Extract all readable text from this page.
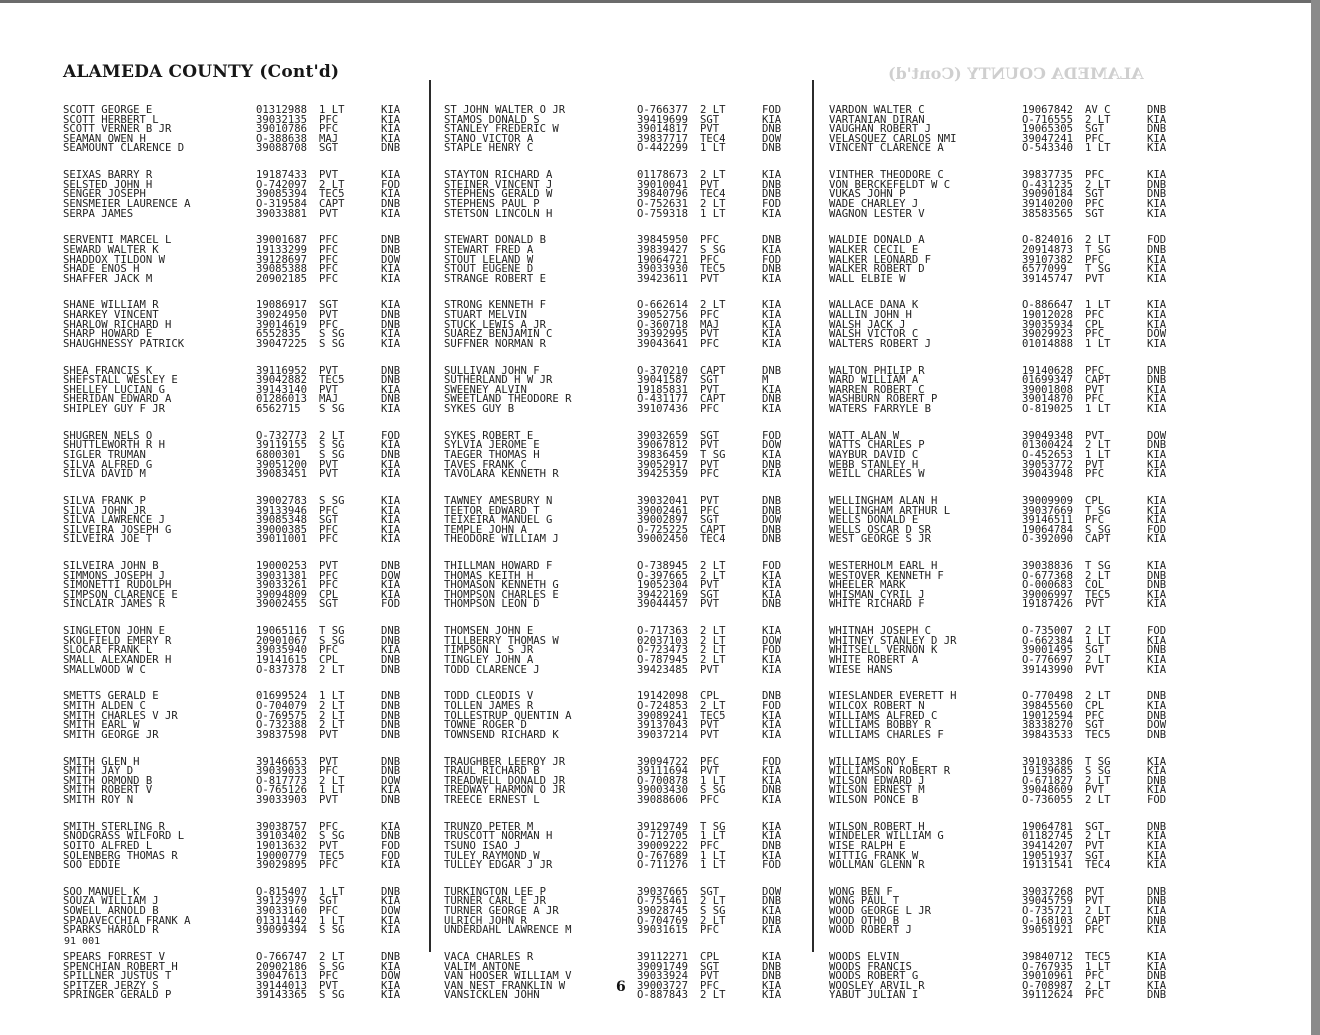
ALAMEDA COUNTY (Cont'd)	ALAMEDA COUNTY (Cont'd)
SCOTT GEORGE E	01312988 1 LT	KIA
SCOTT HERBERT L	39032135 PFC	KIA
SCOTT VERNER B JR	39010786 PFC	KIA
SEAMAN OWEN H	O-388638 MAJ	KIA
SEAMOUNT CLARENCE D	39088708 SGT	DNB
SEIXAS BARRY R	19187433 PVT	KIA
SELSTED JOHN H	O-742097 2 LT	FOD
SENGER JOSEPH	39085394 TEC5	KIA
SENSMEIER LAURENCE A	O-319584 CAPT	DNB
SERPA JAMES	39033881 PVT	KIA
SERVENTI MARCEL L	39001687 PFC	DNB
SEWARD WALTER K	19133299 PFC	DNB
SHADDOX TILDON W	39128697 PFC	DOW
SHADE ENOS H	39085388 PFC	KIA
SHAFFER JACK M	20902185 PFC	KIA
SHANE WILLIAM R	19086917 SGT	KIA
SHARKEY VINCENT	39024950 PVT	DNB
SHARLOW RICHARD H	39014619 PFC	DNB
SHARP HOWARD E	6552835 S SG	KIA
SHAUGHNESSY PATRICK	39047225 S SG	KIA
SHEA FRANCIS K	39116952 PVT	DNB
SHEFSTALL WESLEY E	39042882 TEC5	DNB
SHELLEY LUCIAN G	39143140 PVT	KIA
SHERIDAN EDWARD A	01286013 MAJ	DNB
SHIPLEY GUY F JR	6562715 S SG	KIA
SHUGREN NELS O	O-732773 2 LT	FOD
SHUTTLEWORTH R H	39119155 S SG	KIA
SIGLER TRUMAN	6800301 S SG	DNB
SILVA ALFRED G	39051200 PVT	KIA
SILVA DAVID M	39083451 PVT	KIA
SILVA FRANK P	39002783 S SG	KIA
SILVA JOHN JR	39133946 PFC	KIA
SILVA LAWRENCE J	39085348 SGT	KIA
SILVEIRA JOSEPH G	39000385 PFC	KIA
SILVEIRA JOE T	39011001 PFC	KIA
SILVEIRA JOHN B	19000253 PVT	DNB
SIMMONS JOSEPH J	39031381 PFC	DOW
SIMONETTI RUDOLPH	39033261 PFC	KIA
SIMPSON CLARENCE E	39094809 CPL	KIA
SINCLAIR JAMES R	39002455 SGT	FOD
SINGLETON JOHN E	19065116 T SG	DNB
SKOLFIELD EMERY R	20901067 S SG	DNB
SLOCAR FRANK L	39035940 PFC	KIA
SMALL ALEXANDER H	19141615 CPL	DNB
SMALLWOOD W C	O-837378 2 LT	DNB
SMETTS GERALD E	01699524 1 LT	DNB
SMITH ALDEN C	O-704079 2 LT	DNB
SMITH CHARLES V JR	O-769575 2 LT	DNB
SMITH EARL W	O-732388 2 LT	DNB
SMITH GEORGE JR	39837598 PVT	DNB
SMITH GLEN H	39146653 PVT	DNB
SMITH JAY D	39039033 PFC	DNB
SMITH ORMOND B	O-817773 2 LT	DOW
SMITH ROBERT V	O-765126 1 LT	KIA
SMITH ROY N	39033903 PVT	DNB
SMITH STERLING R	39038757 PFC	KIA
SNODGRASS WILFORD L	39103402 S SG	DNB
SOITO ALFRED L	19013632 PVT	FOD
SOLENBERG THOMAS R	19000779 TEC5	FOD
SOO EDDIE	39029895 PFC	KIA
SOO MANUEL K	O-815407 1 LT	DNB
SOUZA WILLIAM J	39123979 SGT	KIA
SOWELL ARNOLD B	39033160 PFC	DOW
SPADAVECCHIA FRANK A	01311442 1 LT	KIA
SPARKS HAROLD R	39099394 S SG	KIA
SPEARS FORREST V	O-766747 2 LT	DNB
SPENCHIAN ROBERT H	20902186 S SG	KIA
SPILLNER JUSTUS T	39047613 PFC	DOW
SPITZER JERZY S	39144013 PVT	KIA
SPRINGER GERALD P	39143365 S SG	KIA
ST JOHN WALTER O JR	O-766377 2 LT	FOD
STAMOS DONALD S	39419699 SGT	KIA
STANLEY FREDERIC W	39014817 PVT	DNB
STANO VICTOR A	39837717 TEC4	DOW
STAPLE HENRY C	O-442299 1 LT	DNB
STAYTON RICHARD A	01178673 2 LT	KIA
STEINER VINCENT J	39010041 PVT	DNB
STEPHENS GERALD W	39840796 TEC4	DNB
STEPHENS PAUL P	O-752631 2 LT	FOD
STETSON LINCOLN H	O-759318 1 LT	KIA
STEWART DONALD B	39845950 PFC	DNB
STEWART FRED A	39839427 S SG	KIA
STOUT LELAND W	19064721 PFC	FOD
STOUT EUGENE D	39033930 TEC5	DNB
STRANGE ROBERT E	39423611 PVT	KIA
STRONG KENNETH F	O-662614 2 LT	KIA
STUART MELVIN	39052756 PFC	KIA
STUCK LEWIS A JR	O-360718 MAJ	KIA
SUAREZ BENJAMIN C	39392995 PVT	KIA
SUFFNER NORMAN R	39043641 PFC	KIA
SULLIVAN JOHN F	O-370210 CAPT	DNB
SUTHERLAND H W JR	39041587 SGT	M
SWEENEY ALVIN	19185831 PVT	KIA
SWEETLAND THEODORE R	O-431177 CAPT	DNB
SYKES GUY B	39107436 PFC	KIA
SYKES ROBERT E	39032659 SGT	FOD
SYLVIA JEROME E	39067812 PVT	DOW
TAEGER THOMAS H	39836459 T SG	KIA
TAVES FRANK C	39052917 PVT	DNB
TAVOLARA KENNETH R	39425359 PFC	KIA
TAWNEY AMESBURY N	39032041 PVT	DNB
TEETOR EDWARD T	39002461 PFC	DNB
TEIXEIRA MANUEL G	39002897 SGT	DOW
TEMPLE JOHN A	O-725225 CAPT	DNB
THEODORE WILLIAM J	39002450 TEC4	DNB
THILLMAN HOWARD F	O-738945 2 LT	FOD
THOMAS KEITH H	O-397665 2 LT	KIA
THOMASON KENNETH G	19052304 PVT	KIA
THOMPSON CHARLES E	39422169 SGT	KIA
THOMPSON LEON D	39044457 PVT	DNB
THOMSEN JOHN E	O-717363 2 LT	KIA
TILLBERRY THOMAS W	02037103 2 LT	DOW
TIMPSON L S JR	O-723473 2 LT	FOD
TINGLEY JOHN A	O-787945 2 LT	KIA
TODD CLARENCE J	39423485 PVT	KIA
TODD CLEODIS V	19142098 CPL	DNB
TOLLEN JAMES R	O-724853 2 LT	FOD
TOLLESTRUP QUENTIN A	39089241 TEC5	KIA
TOWNE ROGER D	39137043 PVT	KIA
TOWNSEND RICHARD K	39037214 PVT	KIA
TRAUGHBER LEEROY JR	39094722 PFC	FOD
TRAUL RICHARD B	39111694 PVT	KIA
TREADWELL DONALD JR	O-700878 1 LT	KIA
TREDWAY HARMON O JR	39003430 S SG	DNB
TREECE ERNEST L	39088606 PFC	KIA
TRUNZO PETER M	39129749 T SG	KIA
TRUSCOTT NORMAN H	O-712705 1 LT	KIA
TSUNO ISAO J	39009222 PFC	DNB
TULEY RAYMOND W	O-767689 1 LT	KIA
TULLEY EDGAR J JR	O-711276 1 LT	FOD
TURKINGTON LEE P	39037665 SGT	DOW
TURNER CARL E JR	O-755461 2 LT	DNB
TURNER GEORGE A JR	39028745 S SG	KIA
ULRICH JOHN R	O-704769 2 LT	DNB
UNDERDAHL LAWRENCE M	39031615 PFC	KIA
VACA CHARLES R	39112271 CPL	KIA
VALIM ANTONE	39091749 SGT	DNB
VAN HOOSER WILLIAM V	39033924 PVT	DNB
VAN NEST FRANKLIN W	39003727 PFC	KIA
VANSICKLEN JOHN	O-887843 2 LT	KIA
VARDON WALTER C	19067842 AV C	DNB
VARTANIAN DIRAN	O-716555 2 LT	KIA
VAUGHAN ROBERT J	19065305 SGT	DNB
VELASQUEZ CARLOS NMI	39047241 PFC	KIA
VINCENT CLARENCE A	O-543340 1 LT	KIA
VINTHER THEODORE C	39837735 PFC	KIA
VON BERCKEFELDT W C	O-431235 2 LT	DNB
VUKAS JOHN P	39090184 SGT	DNB
WADE CHARLEY J	39140200 PFC	KIA
WAGNON LESTER V	38583565 SGT	KIA
WALDIE DONALD A	O-824016 2 LT	FOD
WALKER CECIL E	20914873 T SG	DNB
WALKER LEONARD F	39107382 PFC	KIA
WALKER ROBERT D	6577099 T SG	KIA
WALL ELBIE W	39145747 PVT	KIA
WALLACE DANA K	O-886647 1 LT	KIA
WALLIN JOHN H	19012028 PFC	KIA
WALSH JACK J	39035934 CPL	KIA
WALSH VICTOR C	39029923 PFC	DOW
WALTERS ROBERT J	01014888 1 LT	KIA
WALTON PHILIP R	19140628 PFC	DNB
WARD WILLIAM A	01699347 CAPT	DNB
WARREN ROBERT C	39001808 PVT	KIA
WASHBURN ROBERT P	39014870 PFC	KIA
WATERS FARRYLE B	O-819025 1 LT	KIA
WATT ALAN W	39049348 PVT	DOW
WATTS CHARLES P	01300424 2 LT	DNB
WAYBUR DAVID C	O-452653 1 LT	KIA
WEBB STANLEY H	39053772 PVT	KIA
WEILL CHARLES W	39043948 PFC	KIA
WELLINGHAM ALAN H	39009909 CPL	KIA
WELLINGHAM ARTHUR L	39037669 T SG	KIA
WELLS DONALD E	39146511 PFC	KIA
WELLS OSCAR D SR	19064784 S SG	FOD
WEST GEORGE S JR	O-392090 CAPT	KIA
WESTERHOLM EARL H	39038836 T SG	KIA
WESTOVER KENNETH F	O-677368 2 LT	DNB
WHEELER MARK	O-000683 COL	DNB
WHISMAN CYRIL J	39006997 TEC5	KIA
WHITE RICHARD F	19187426 PVT	KIA
WHITNAH JOSEPH C	O-735007 2 LT	FOD
WHITNEY STANLEY D JR	O-662384 1 LT	KIA
WHITSELL VERNON K	39001495 SGT	DNB
WHITE ROBERT A	O-776697 2 LT	KIA
WIESE HANS	39143990 PVT	KIA
WIESLANDER EVERETT H	O-770498 2 LT	DNB
WILCOX ROBERT N	39845560 CPL	KIA
WILLIAMS ALFRED C	19012594 PFC	DNB
WILLIAMS BOBBY R	38338270 SGT	DOW
WILLIAMS CHARLES F	39843533 TEC5	DNB
WILLIAMS ROY E	39103386 T SG	KIA
WILLIAMSON ROBERT R	19139685 S SG	KIA
WILSON EDWARD J	O-671827 2 LT	DNB
WILSON ERNEST M	39048609 PVT	KIA
WILSON PONCE B	O-736055 2 LT	FOD
WILSON ROBERT H	19064781 SGT	DNB
WINDELER WILLIAM G	01182745 2 LT	KIA
WISE RALPH E	39414207 PVT	KIA
WITTIG FRANK W	19051937 SGT	KIA
WOLLMAN GLENN R	19131541 TEC4	KIA
WONG BEN F	39037268 PVT	DNB
WONG PAUL T	39045759 PVT	DNB
WOOD GEORGE L JR	O-735721 2 LT	KIA
WOOD OTHO B	O-168103 CAPT	DNB
WOOD ROBERT J	39051921 PFC	KIA
WOODS ELVIN	39840712 TEC5	KIA
WOODS FRANCIS	O-767935 1 LT	KIA
WOODS ROBERT G	39010961 PFC	DNB
WOOSLEY ARVIL R	O-708987 2 LT	KIA
YABUT JULIAN I	39112624 PFC	DNB
91 001
6
